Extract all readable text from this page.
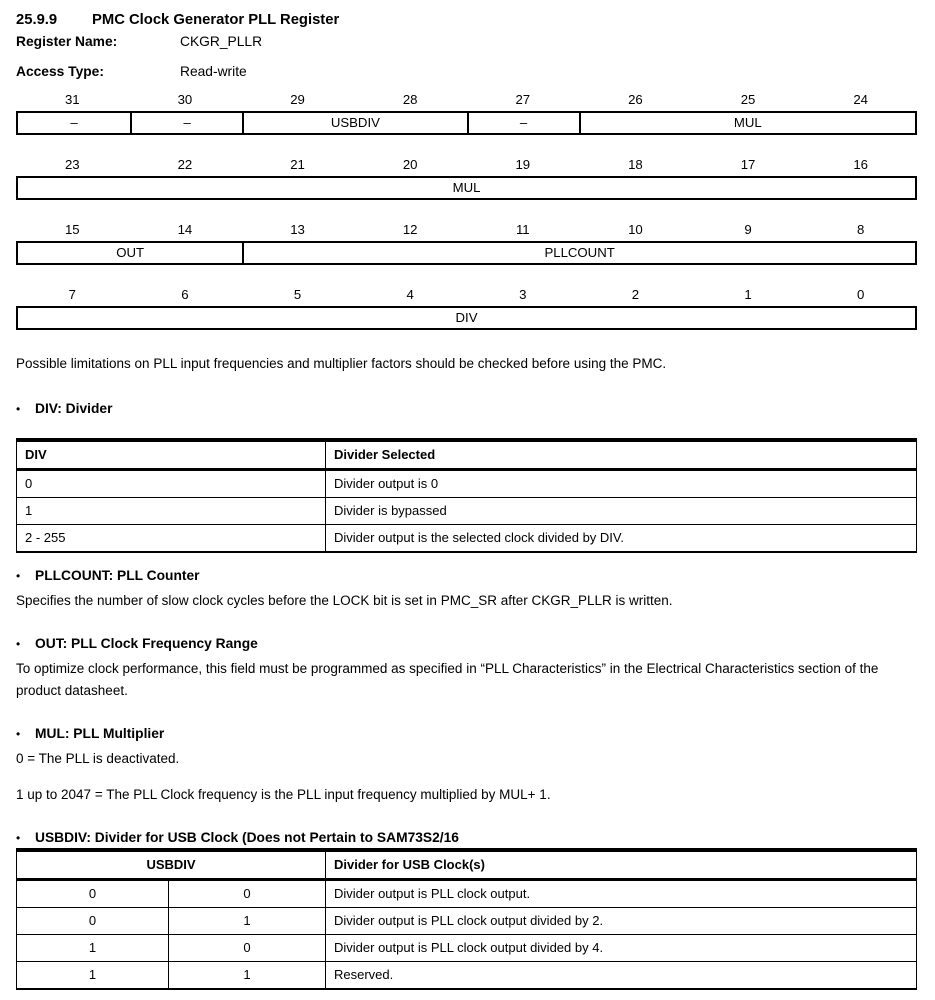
25.9.9	PMC Clock Generator PLL Register
Register Name:	CKGR_PLLR
Access Type:	Read-write
31	30	29	28	27	26	25	24
–	–	USBDIV	–	MUL
23	22	21	20	19	18	17	16
MUL
15	14	13	12	11	10	9	8
OUT	PLLCOUNT
7	6	5	4	3	2	1	0
DIV

Possible limitations on PLL input frequencies and multiplier factors should be checked before using the PMC.

•	DIV: Divider
DIV	Divider Selected
0	Divider output is 0
1	Divider is bypassed
2 - 255	Divider output is the selected clock divided by DIV.
•	PLLCOUNT: PLL Counter

Specifies the number of slow clock cycles before the LOCK bit is set in PMC_SR after CKGR_PLLR is written.

•	OUT: PLL Clock Frequency Range

To optimize clock performance, this field must be programmed as specified in “PLL Characteristics” in the Electrical Characteristics section of the product datasheet.

•	MUL: PLL Multiplier

0 = The PLL is deactivated.

1 up to 2047 = The PLL Clock frequency is the PLL input frequency multiplied by MUL+ 1.

•	USBDIV: Divider for USB Clock (Does not Pertain to SAM73S2/16
USBDIV		Divider for USB Clock(s)
0	0	Divider output is PLL clock output.
0	1	Divider output is PLL clock output divided by 2.
1	0	Divider output is PLL clock output divided by 4.
1	1	Reserved.
